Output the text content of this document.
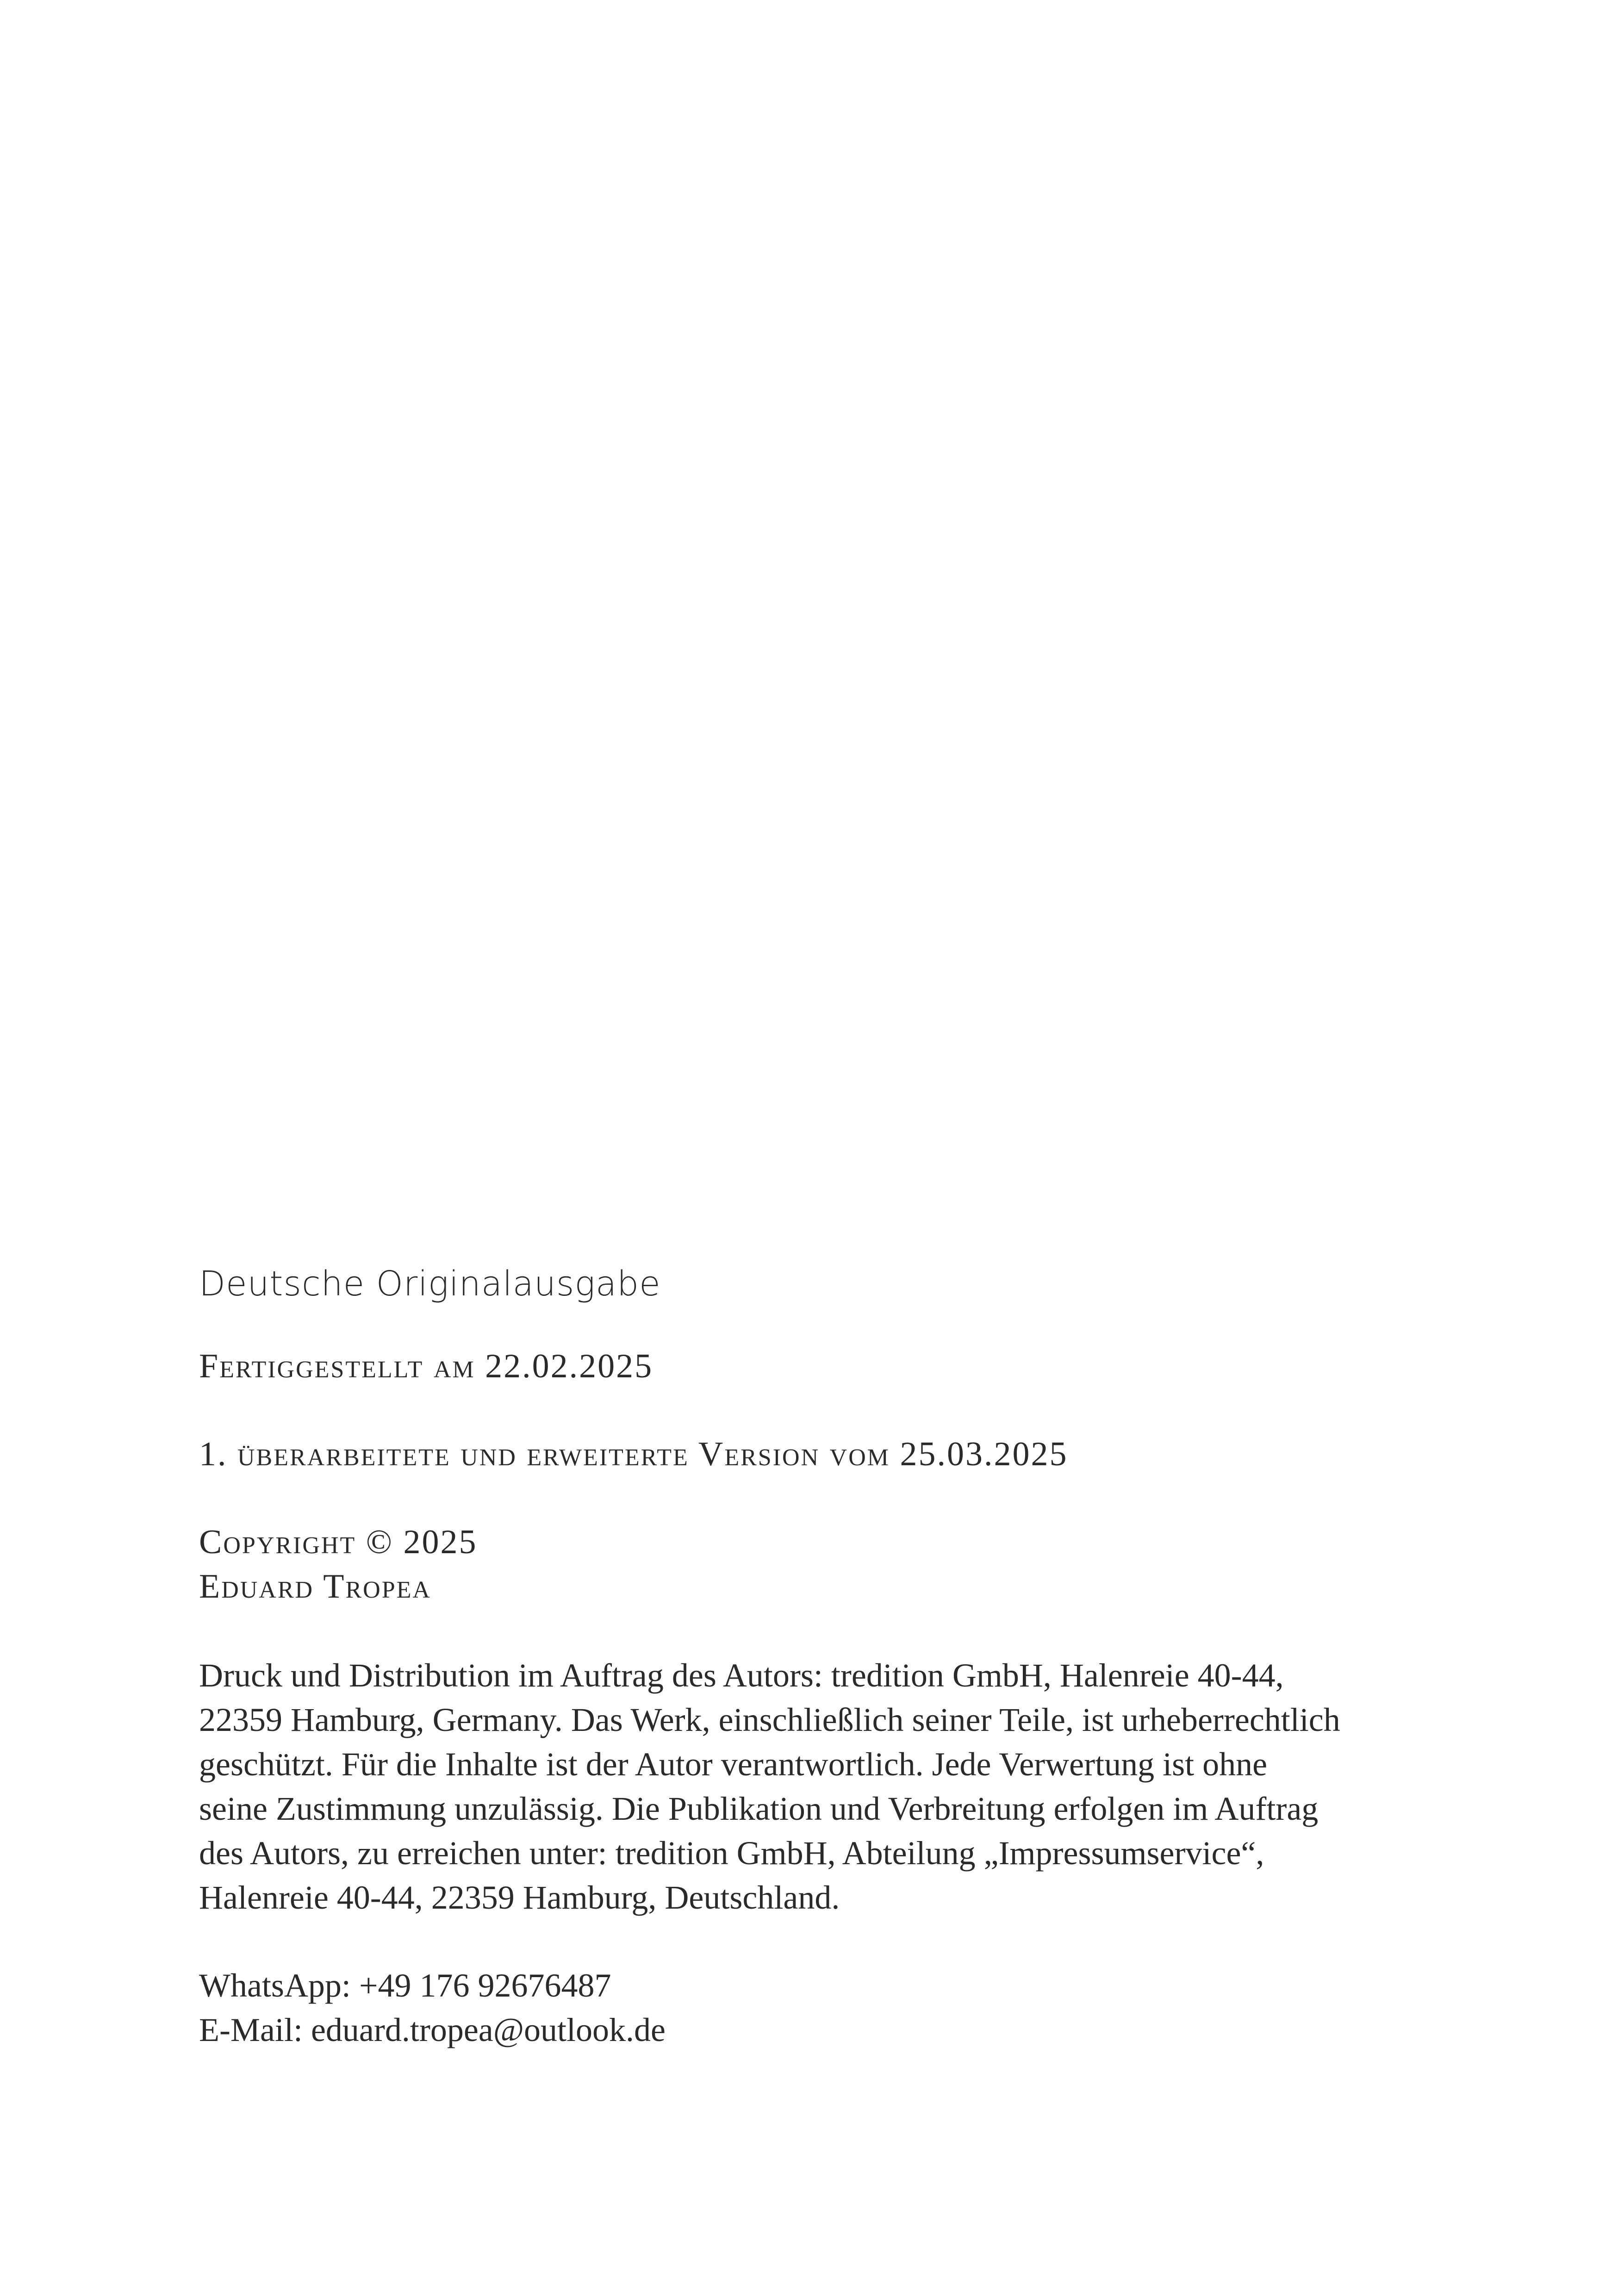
Deutsche Originalausgabe

Fertiggestellt am 22.02.2025

1. überarbeitete und erweiterte Version vom 25.03.2025

Copyright © 2025

Eduard Tropea

Druck und Distribution im Auftrag des Autors: tredition GmbH, Halenreie 40-44, 22359 Hamburg, Germany. Das Werk, einschließlich seiner Teile, ist urheberrechtlich geschützt. Für die Inhalte ist der Autor verantwortlich. Jede Verwertung ist ohne seine Zustimmung unzulässig. Die Publikation und Verbreitung erfolgen im Auftrag des Autors, zu erreichen unter: tredition GmbH, Abteilung „Impressumservice“, Halenreie 40-44, 22359 Hamburg, Deutschland.

WhatsApp: +49 176 92676487

E-Mail: eduard.tropea@outlook.de
